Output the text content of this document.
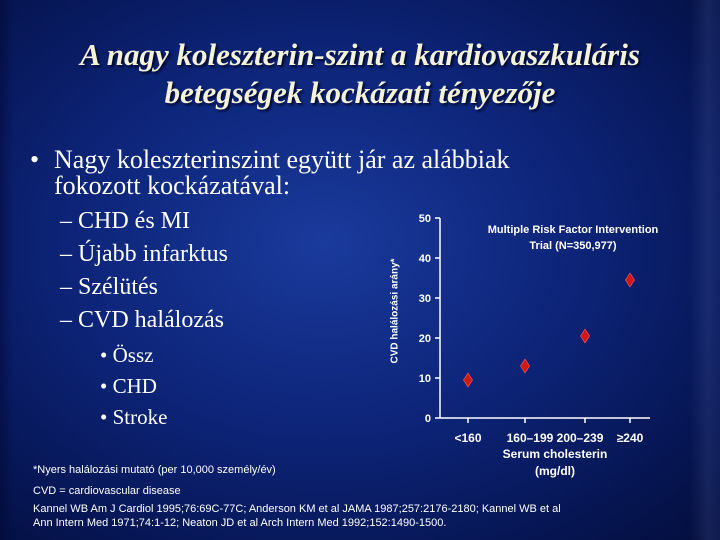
A nagy koleszterin-szint a kardiovaszkuláris
betegségek kockázati tényezője
• Nagy koleszterinszint együtt jár az alábbiak
fokozott kockázatával:
– CHD és MI
– Újabb infarktus
– Szélütés
– CVD halálozás
• Össz
• CHD
• Stroke
CVD halálozási arány*
Multiple Risk Factor Intervention
Trial (N=350,977)
0
10
20
30
40
50
<160 160–199 200–239 ≥240
Serum cholesterin
(mg/dl)
*Nyers halálozási mutató (per 10,000 személy/év)
CVD = cardiovascular disease
Kannel WB Am J Cardiol 1995;76:69C-77C; Anderson KM et al JAMA 1987;257:2176-2180; Kannel WB et al
Ann Intern Med 1971;74:1-12; Neaton JD et al Arch Intern Med 1992;152:1490-1500.
